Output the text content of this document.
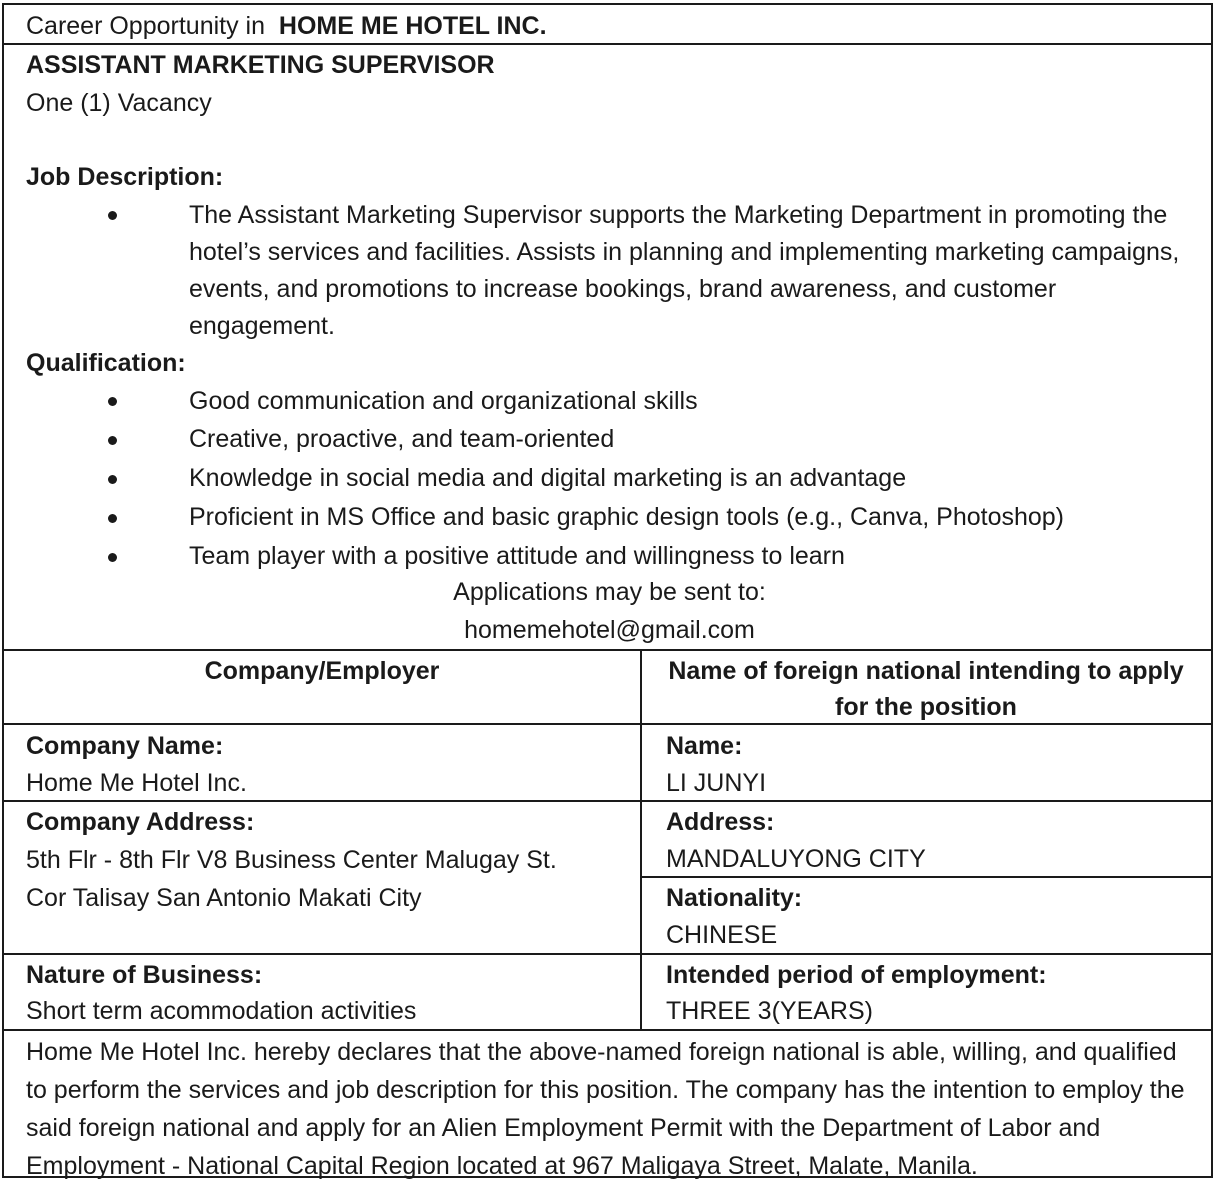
Career Opportunity in HOME ME HOTEL INC.
ASSISTANT MARKETING SUPERVISOR
One (1) Vacancy
Job Description:
The Assistant Marketing Supervisor supports the Marketing Department in promoting the hotel’s services and facilities. Assists in planning and implementing marketing campaigns, events, and promotions to increase bookings, brand awareness, and customer engagement.
Qualification:
Good communication and organizational skills
Creative, proactive, and team-oriented
Knowledge in social media and digital marketing is an advantage
Proficient in MS Office and basic graphic design tools (e.g., Canva, Photoshop)
Team player with a positive attitude and willingness to learn
Applications may be sent to:
homemehotel@gmail.com
Company/Employer	Name of foreign national intending to apply for the position
Company Name:
Home Me Hotel Inc.
Name:
LI JUNYI
Company Address:
5th Flr - 8th Flr V8 Business Center Malugay St. Cor Talisay San Antonio Makati City
Address:
MANDALUYONG CITY
Nationality:
CHINESE
Nature of Business:
Short term acommodation activities
Intended period of employment:
THREE 3(YEARS)
Home Me Hotel Inc. hereby declares that the above-named foreign national is able, willing, and qualified to perform the services and job description for this position. The company has the intention to employ the said foreign national and apply for an Alien Employment Permit with the Department of Labor and Employment - National Capital Region located at 967 Maligaya Street, Malate, Manila.
